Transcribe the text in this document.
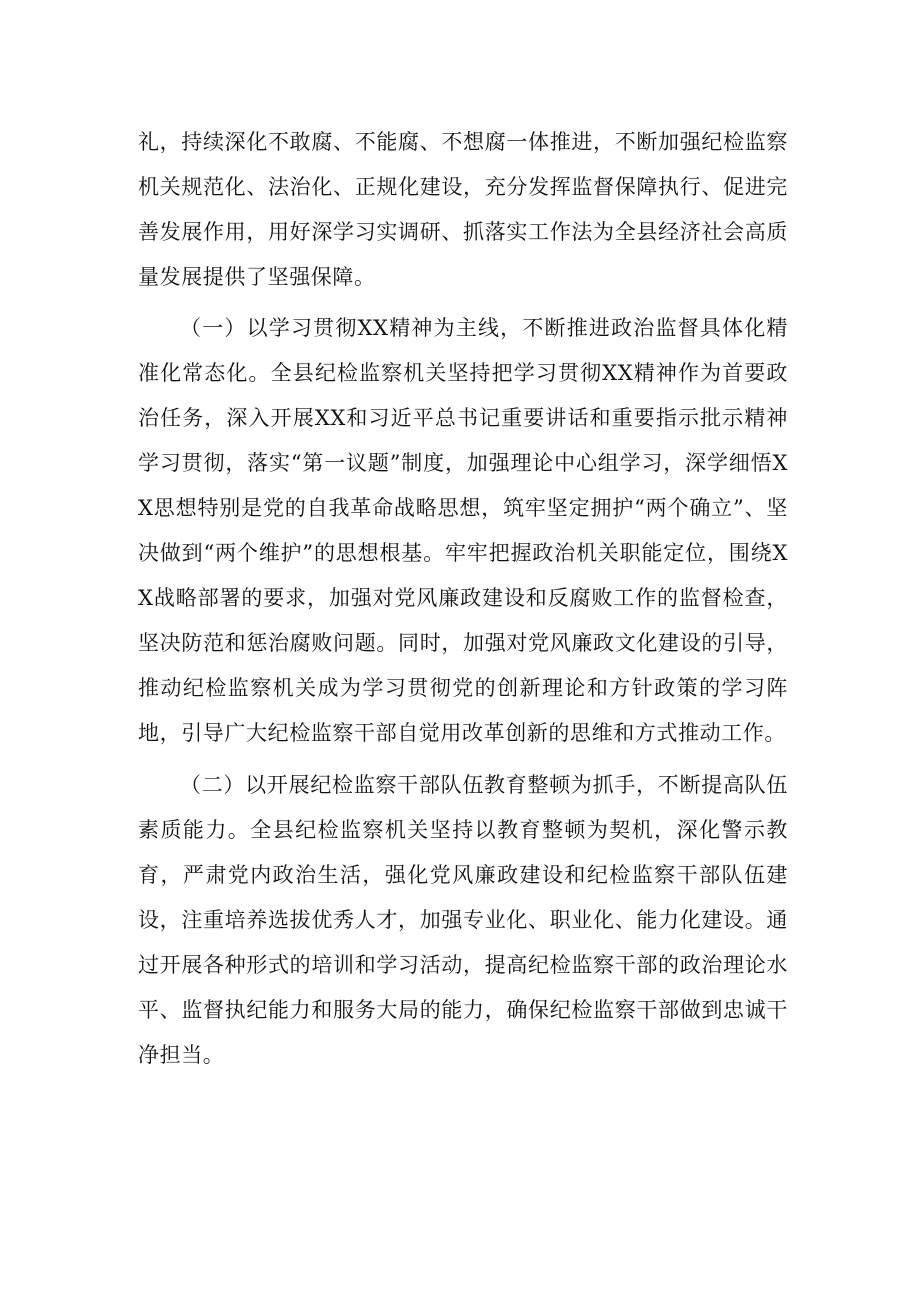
礼，持续深化不敢腐、不能腐、不想腐一体推进，不断加强纪检监察机关规范化、法治化、正规化建设，充分发挥监督保障执行、促进完善发展作用，用好深学习实调研、抓落实工作法为全县经济社会高质量发展提供了坚强保障。

（一）以学习贯彻XX精神为主线，不断推进政治监督具体化精准化常态化。全县纪检监察机关坚持把学习贯彻XX精神作为首要政治任务，深入开展XX和习近平总书记重要讲话和重要指示批示精神学习贯彻，落实“第一议题”制度，加强理论中心组学习，深学细悟XX思想特别是党的自我革命战略思想，筑牢坚定拥护“两个确立”、坚决做到“两个维护”的思想根基。牢牢把握政治机关职能定位，围绕XX战略部署的要求，加强对党风廉政建设和反腐败工作的监督检查，坚决防范和惩治腐败问题。同时，加强对党风廉政文化建设的引导，推动纪检监察机关成为学习贯彻党的创新理论和方针政策的学习阵地，引导广大纪检监察干部自觉用改革创新的思维和方式推动工作。

（二）以开展纪检监察干部队伍教育整顿为抓手，不断提高队伍素质能力。全县纪检监察机关坚持以教育整顿为契机，深化警示教育，严肃党内政治生活，强化党风廉政建设和纪检监察干部队伍建设，注重培养选拔优秀人才，加强专业化、职业化、能力化建设。通过开展各种形式的培训和学习活动，提高纪检监察干部的政治理论水平、监督执纪能力和服务大局的能力，确保纪检监察干部做到忠诚干净担当。
